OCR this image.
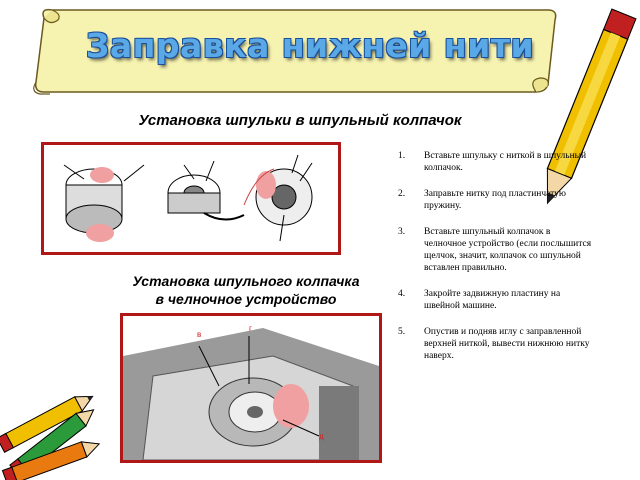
Заправка нижней нити
Установка шпульки в шпульный колпачок
Установка шпульного колпачка
в челночное устройство
в
г
д
1. Вставьте шпульку с ниткой в шпульный колпачок.
2. Заправьте нитку под пластинчатую пружину.
3. Вставьте шпульный колпачок в челночное устройство (если послышится щелчок, значит, колпачок со шпульной вставлен правильно.
4. Закройте задвижную пластину на швейной машине.
5. Опустив и подняв иглу с заправленной верхней ниткой, вывести нижнюю нитку наверх.
